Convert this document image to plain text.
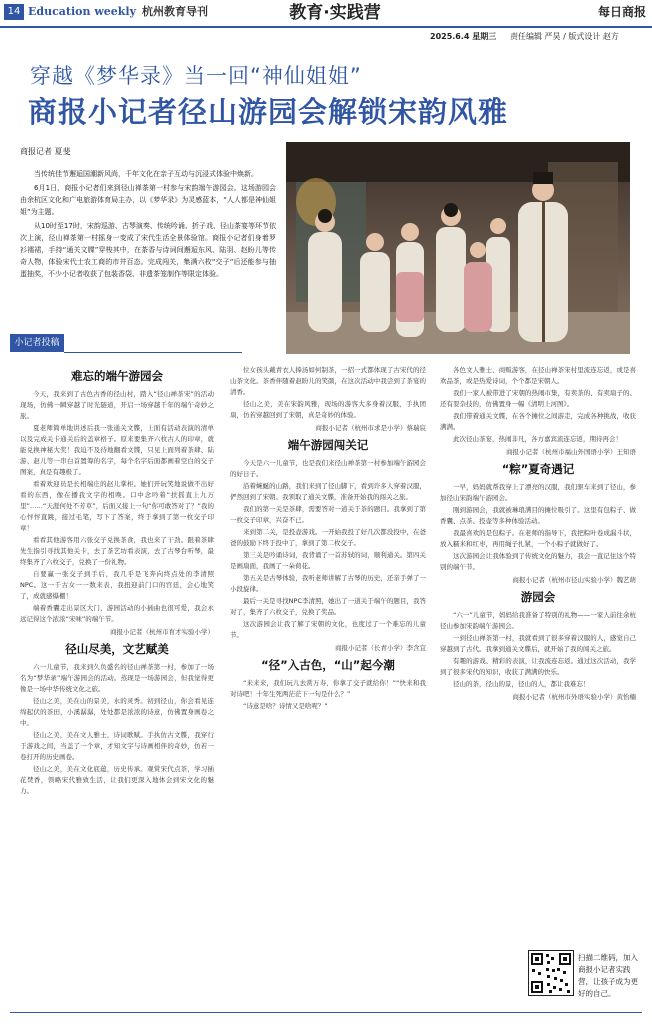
14 Education weekly 杭州教育导刊	教育·实践营	每日商报
2025.6.4 星期三 责任编辑 严昊 / 版式设计 赵方
穿越《梦华录》当一回“神仙姐姐”
商报小记者径山游园会解锁宋韵风雅
商报记者 夏斐

当传统佳节邂逅国潮新风尚，千年文化在亲子互动与沉浸式体验中焕新。

6月1日，商报小记者们来到径山禅茶第一村参与宋韵端午游园会。这场游园会由余杭区文化和广电旅游体育局主办，以《梦华录》为灵感蓝本，“人人都是神仙姐姐”为主题。

从10时至17时，宋韵巡游、古琴演奏、传统吟诵、折子戏、径山茶宴等环节依次上演，径山禅茶第一村摇身一变成了宋代生活全景体验馆。商报小记者们身着罗衫襦裙，手持“通关文牒”穿梭其中，在茶香与诗词间邂逅东风、陆羽、赵盼儿等传奇人物，体验宋代士农工商的市井百态。完成闯关，集满六枚“交子”后还能参与抽蛋抽奖，不少小记者收获了包装香袋、非遗茶笼制作等限定体验。

小记者投稿
难忘的端午游园会

今天，我来到了古色古香的径山村，踏入“径山禅茶宋”的活动现场，仿佛一瞬穿越了时光隧道，开启一场穿越千年的端午奇妙之旅。

夏老师简单地讲述后我一张通关文牒，上面有活动表演的清单以及完成关卡通关后的盖章格子。原来要集齐六枚古人的印章，就能兑换神秘大奖！我迫不及待地翻看文牒，只见上面列着茶肆、陆游、赵儿等一串白首置筹的名字，每个名字后面都画着空白的交子图案，真是有趣极了。

看着欢迎员是长相端庄的赵儿掌柜。她们开玩笑地说做不出好看的东西，像在播我文字的相唤。口中念吟着“扶摇直上九万里”……“天涯何处不芳草”，后面又接上一句“你可敢答对了？”我的心怦怦直跳，接过毛笔，写下了答案，终于拿到了第一枚交子印章！

看看其他游客用六张交子兑换茶食，我也来了干劲。跟着茶肆先生指引寻找其他关卡，去了茶艺坊看表演，去了古琴台听琴，最终集齐了六枚交子，兑换了一份礼物。

自要赢一张交子到手后，我几乎是飞奔向终点处的李清照NPC。这一千古女一一数来表，我扭迎前门口的宫廷，会心地笑了，成就感爆棚！

端着香囊走出景区大门，游园活动的小插曲也很可爱，我会永远记得这个浓浓“宋味”的端午节。

商报小记者（杭州市育才实验小学）

径山尽美，文艺赋美

六一儿童节，我来到久负盛名的径山禅茶第一村，参加了一场名为“梦华录”端午游园会的活动。蒸现是一场游园会，但我觉得更像是一场中华传统文化之旅。

径山之美，美在山的景美，水的灵秀。初到径山，你会看见连绵起伏的茶田，小溪潺潺，处处都是浓浓的诗意，仿佛置身画卷之中。

径山之美，美在文人雅士，诗词歌赋。手执仿古文牒，我穿行于游戏之间，当盖了一个章，才知文字与诗画相伴的奇妙，仿若一卷打开的历史画卷。

径山之美，美在文化底蕴，历史传承。观赏宋代点茶，学习插花焚香，领略宋代雅致生活，让我们更深入地体会到宋文化的魅力。

位女孩头戴青衣人捧汤如何制茶，一招一式都体现了古宋代的径山茶文化。茶香伴随着赵盼儿的笑颜，在这次活动中我尝到了茶宴的清香。

径山之美，美在宋韵风雅，现场的游客大多身着汉服，手执团扇，仿若穿越回到了宋朝，真是奇妙的体验。

商报小记者（杭州市求是小学）蔡瑞宸

端午游园闯关记

今天是六一儿童节，也是我们来径山禅茶第一村参加端午游园会的好日子。

沿着蜿蜒的山路，我们来到了径山脚下，看到许多人穿着汉服，俨然回到了宋朝。我领取了通关文牒，准备开始我的闯关之旅。

我们的第一关是茶肆，需要答对一道关于茶的题目。我拿到了第一枚交子印章，兴奋不已。

来到第二关，是投壶游戏。一开始我投了好几次都没投中，在爸爸的鼓励下终于投中了，拿到了第二枚交子。

第三关是吟诵诗词，我背诵了一首苏轼的词，顺利通关。第四关是画扇面，我画了一朵荷花。

第五关是古琴体验，我听老师讲解了古琴的历史，还亲手弹了一小段旋律。

最后一关是寻找NPC李清照，她出了一道关于端午的题目，我答对了，集齐了六枚交子，兑换了奖品。

这次游园会让我了解了宋朝的文化，也度过了一个难忘的儿童节。

商报小记者（长青小学）李含宜

“径”入古色，“山”起今潮

“来来来，我们玩儿去赏万寿，你拿了交子就给你！”“快来和我对诗吧！十年生死两茫茫下一句是什么？”

“诗意是啥？诗情又是啥呢？”

各色文人雅士、商贩游客，在径山禅茶宋村里流连忘返，或是喜欢品茶，或是热爱诗词，个个都是宋朝人。

我们一家人被带进了宋朝的热闹市集，有卖茶的、有卖扇子的、还有耍杂技的，仿佛置身一幅《清明上河图》。

我们带着通关文牒，在各个摊位之间游走，完成各种挑战，收获满满。

此次径山茶宴，热闹非凡，各方嘉宾流连忘返，期待再会！

商报小记者（杭州市福山外国语小学）王知语

“粽”夏奇遇记

一早，妈妈就帮我穿上了漂亮的汉服，我们驱车来到了径山，参加径山宋韵端午游园会。

刚到游园会，我就被琳琅满目的摊位吸引了。这里有包粽子、做香囊、点茶、投壶等多种体验活动。

我最喜欢的是包粽子。在老师的指导下，我把粽叶卷成漏斗状，放入糯米和红枣，再用绳子扎紧，一个小粽子就做好了。

这次游园会让我体验到了传统文化的魅力，我会一直记住这个特别的端午节。

商报小记者（杭州市径山实验小学）魏艺萌

游园会

“六一”儿童节，妈妈给我准备了特别的礼物——一家人前往余杭径山参加宋韵端午游园会。

一到径山禅茶第一村，我就看到了很多穿着汉服的人，感觉自己穿越到了古代。我拿到通关文牒后，就开始了我的闯关之旅。

有趣的游戏、精彩的表演，让我流连忘返。通过这次活动，我学到了很多宋代的知识，收获了满满的快乐。

径山的茶，径山的景，径山的人，都让我难忘！

商报小记者（杭州市外语实验小学）黄怡楠

扫描二维码，加入商报小记者实践营，让孩子成为更好的自己。
